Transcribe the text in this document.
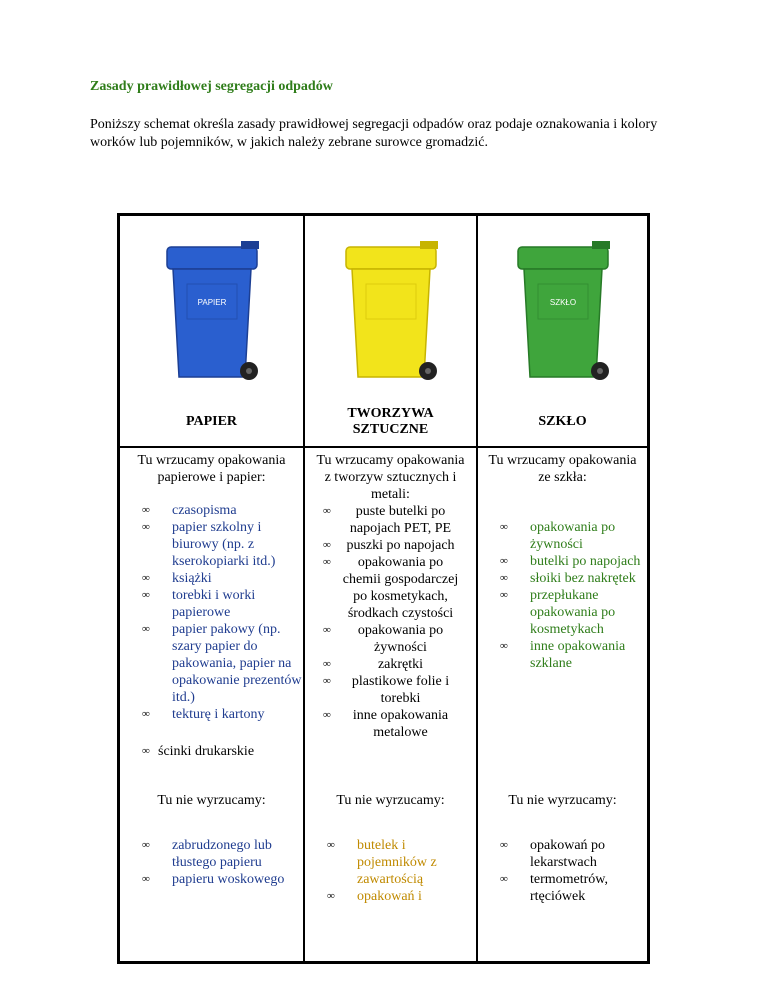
Zasady prawidłowej segregacji odpadów
Poniższy schemat określa zasady prawidłowej segregacji odpadów oraz podaje oznakowania i kolory worków lub pojemników, w jakich należy zebrane surowce gromadzić.
PAPIER	SZKŁO
PAPIER
TWORZYWA SZTUCZNE
SZKŁO
Tu wrzucamy opakowania papierowe i papier:
∞ czasopisma
∞ papier szkolny i biurowy (np. z kserokopiarki itd.)
∞ książki
∞ torebki i worki papierowe
∞ papier pakowy (np. szary papier do pakowania, papier na opakowanie prezentów itd.)
∞ tekturę i kartony
∞ ścinki drukarskie
Tu nie wyrzucamy:
∞ zabrudzonego lub tłustego papieru
∞ papieru woskowego
Tu wrzucamy opakowania z tworzyw sztucznych i metali:
∞ puste butelki po napojach PET, PE
∞ puszki po napojach
∞ opakowania po chemii gospodarczej po kosmetykach, środkach czystości
∞ opakowania po żywności
∞	zakrętki
∞ plastikowe folie i torebki
∞ inne opakowania metalowe
Tu nie wyrzucamy:
∞ butelek i pojemników z zawartością
∞ opakowań i
Tu wrzucamy opakowania ze szkła:
∞ opakowania po żywności
∞ butelki po napojach
∞ słoiki bez nakrętek
∞ przepłukane opakowania po kosmetykach
∞ inne opakowania szklane
Tu nie wyrzucamy:
∞ opakowań po lekarstwach
∞ termometrów, rtęciówek
